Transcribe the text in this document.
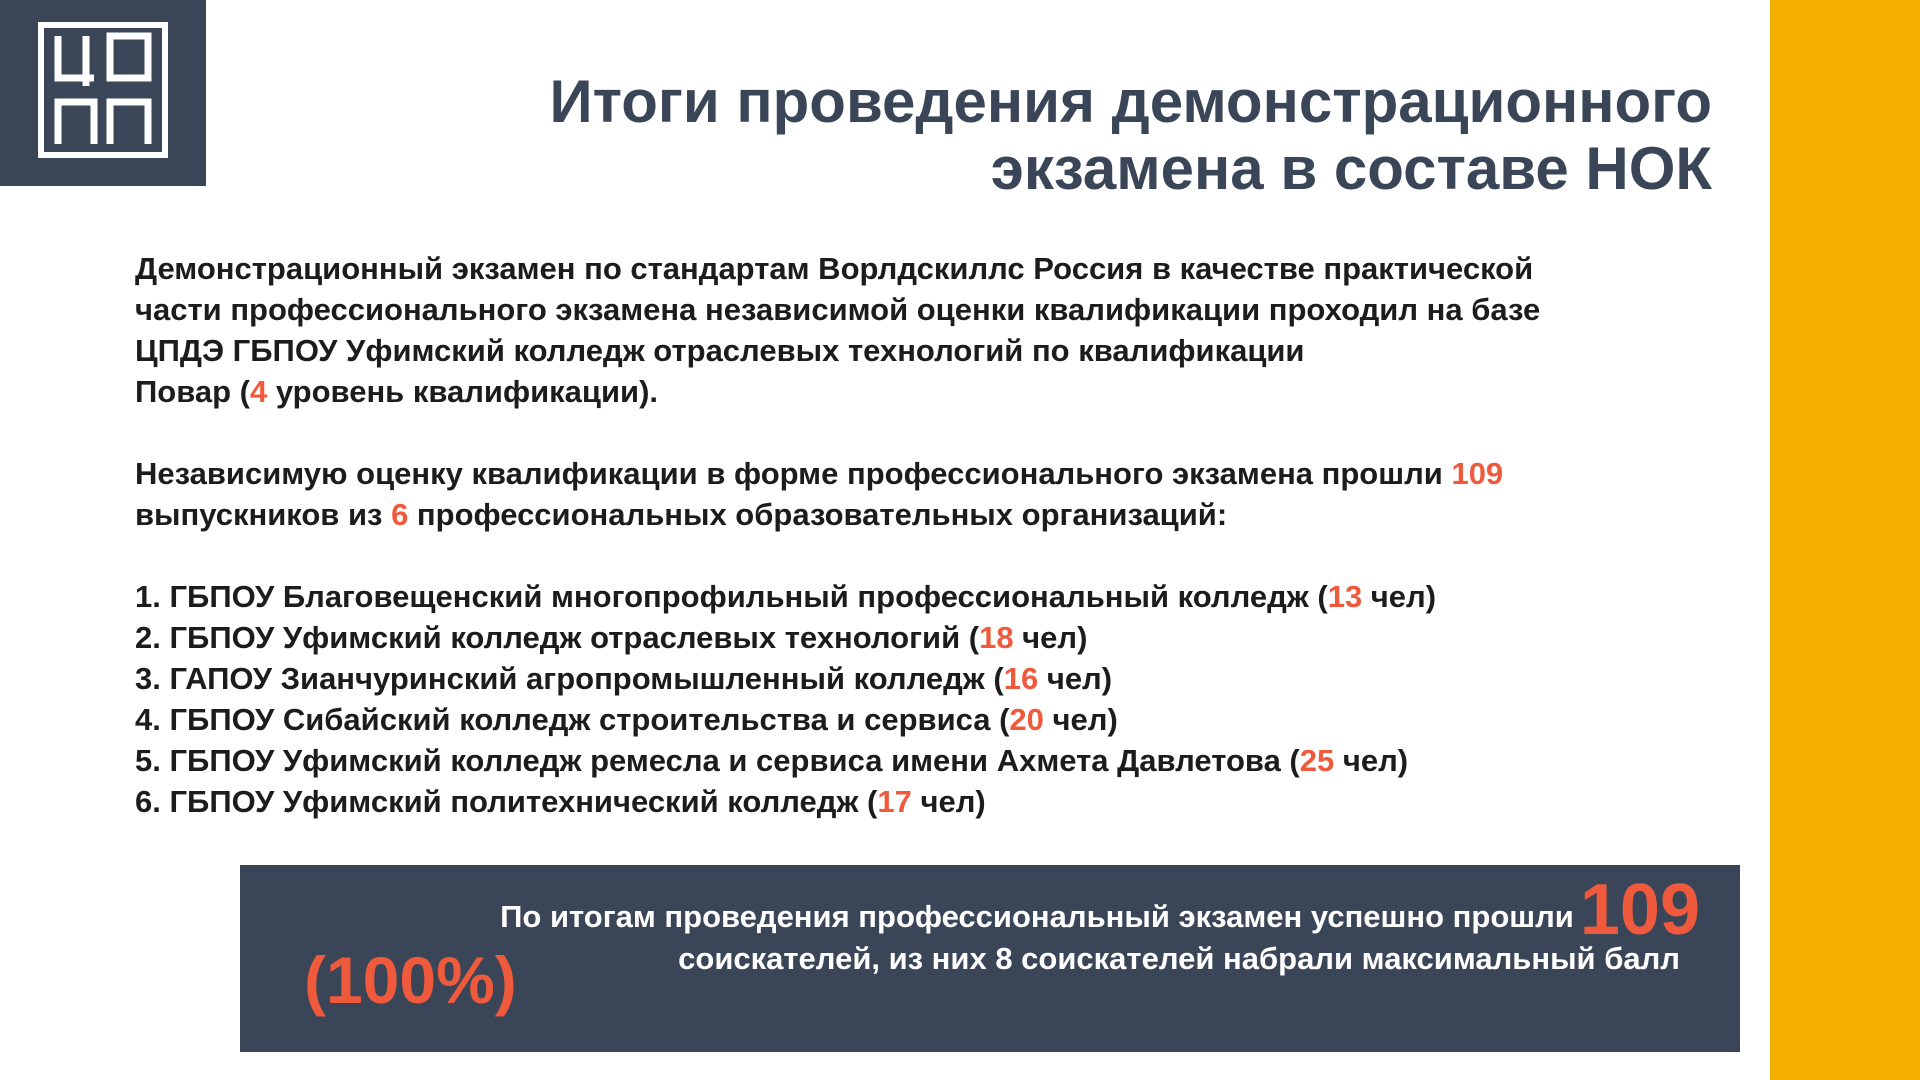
Итоги проведения демонстрационного
экзамена в составе НОК

Демонстрационный экзамен по стандартам Ворлдскиллс Россия в качестве практической
части профессионального экзамена независимой оценки квалификации проходил на базе
ЦПДЭ ГБПОУ Уфимский колледж отраслевых технологий по квалификации
Повар (4 уровень квалификации).

Независимую оценку квалификации в форме профессионального экзамена прошли 109
выпускников из 6 профессиональных образовательных организаций:

1. ГБПОУ Благовещенский многопрофильный профессиональный колледж (13 чел)
2. ГБПОУ Уфимский колледж отраслевых технологий (18 чел)
3. ГАПОУ Зианчуринский агропромышленный колледж (16 чел)
4. ГБПОУ Сибайский колледж строительства и сервиса (20 чел)
5. ГБПОУ Уфимский колледж ремесла и сервиса имени Ахмета Давлетова (25 чел)
6. ГБПОУ Уфимский политехнический колледж (17 чел)
По итогам проведения профессиональный экзамен успешно прошли109
(100%)	соискателей, из них 8 соискателей набрали максимальный балл
